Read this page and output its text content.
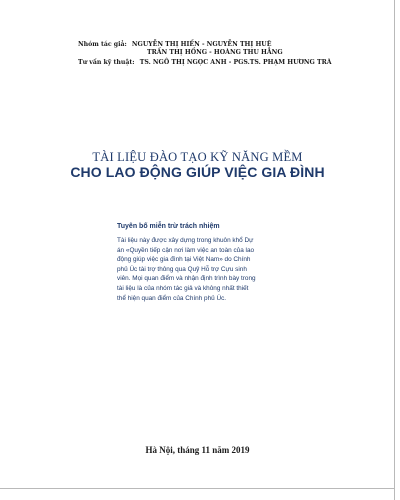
Nhóm tác giả: NGUYỄN THỊ HIỀN - NGUYỄN THỊ HUỆ
TRẦN THỊ HỒNG - HOÀNG THU HẰNG
Tư vấn kỹ thuật: TS. NGÔ THỊ NGỌC ANH - PGS.TS. PHẠM HƯƠNG TRÀ
TÀI LIỆU ĐÀO TẠO KỸ NĂNG MỀM
CHO LAO ĐỘNG GIÚP VIỆC GIA ĐÌNH
Tuyên bố miễn trừ trách nhiệm
Tài liệu này được xây dựng trong khuôn khổ Dự
án «Quyền tiếp cận nơi làm việc an toàn của lao
động giúp việc gia đình tại Việt Nam» do Chính
phủ Úc tài trợ thông qua Quỹ Hỗ trợ Cựu sinh
viên. Mọi quan điểm và nhận định trình bày trong
tài liệu là của nhóm tác giả và không nhất thiết
thể hiện quan điểm của Chính phủ Úc.
Hà Nội, tháng 11 năm 2019
